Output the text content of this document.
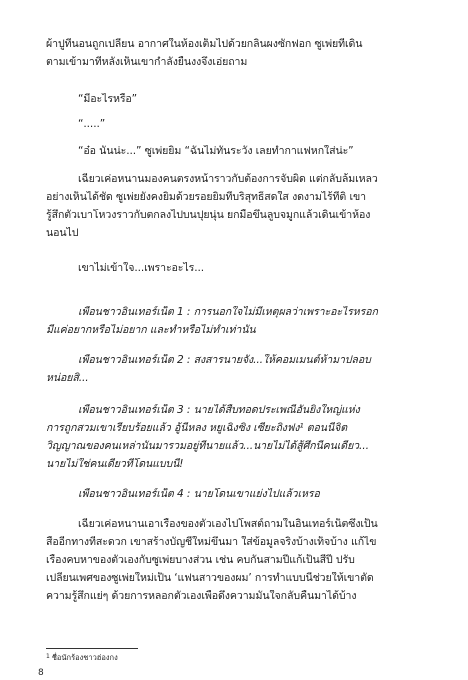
ผ้าปูที่นอนถูกเปลี่ยน อากาศในห้องเต็มไปด้วยกลิ่นผงซักฟอก ซูเพ่ยที่เดิน

ตามเข้ามาทีหลังเห็นเขากำลังยืนงงจึงเอ่ยถาม

“มีอะไรหรือ”

“.....”

“อ๋อ นั่นน่ะ...” ซูเพ่ยยิ้ม “ฉันไม่ทันระวัง เลยทำกาแฟหกใส่น่ะ”

เฉียวเค่อหนานมองคนตรงหน้าราวกับต้องการจับผิด แต่กลับล้มเหลว

อย่างเห็นได้ชัด ซูเพ่ยยังคงยิ้มด้วยรอยยิ้มที่บริสุทธิ์สดใส งดงามไร้ที่ติ เขา

รู้สึกตัวเบาโหวงราวกับตกลงไปบนปุยนุ่น ยกมือขึ้นลูบจมูกแล้วเดินเข้าห้อง

นอนไป

เขาไม่เข้าใจ...เพราะอะไร...

เพื่อนชาวอินเทอร์เน็ต 1 : การนอกใจไม่มีเหตุผลว่าเพราะอะไรหรอก

มีแค่อยากหรือไม่อยาก และทำหรือไม่ทำเท่านั้น

เพื่อนชาวอินเทอร์เน็ต 2 : สงสารนายจัง...ให้คอมเมนต์ห้ามาปลอบ

หน่อยสิ...

เพื่อนชาวอินเทอร์เน็ต 3 : นายได้สืบทอดประเพณีอันยิ่งใหญ่แห่ง

การถูกสวมเขาเรียบร้อยแล้ว อู้นีหลง หยูเฉิงซิ่ง เซียะถิงฟง¹ ตอนนี้จิต

วิญญาณของคนเหล่านั้นมารวมอยู่ที่นายแล้ว...นายไม่ได้สู้ศึกนี้คนเดียว...

นายไม่ใช่คนเดียวที่โดนแบบนี้!

เพื่อนชาวอินเทอร์เน็ต 4 : นายโดนเขาแย่งไปแล้วเหรอ

เฉียวเค่อหนานเอาเรื่องของตัวเองไปโพสต์ถามในอินเทอร์เน็ตซึ่งเป็น

สื่ออีกทางที่สะดวก เขาสร้างบัญชีใหม่ขึ้นมา ใส่ข้อมูลจริงบ้างเท็จบ้าง แก้ไข

เรื่องคบหาของตัวเองกับซูเพ่ยบางส่วน เช่น คบกันสามปีแก้เป็นสี่ปี ปรับ

เปลี่ยนเพศของซูเพ่ยใหม่เป็น ‘แฟนสาวของผม’ การทำแบบนี้ช่วยให้เขาตัด

ความรู้สึกแย่ๆ ด้วยการหลอกตัวเองเพื่อดึงความมั่นใจกลับคืนมาได้บ้าง

$^1$ ชื่อนักร้องชาวฮ่องกง
8
